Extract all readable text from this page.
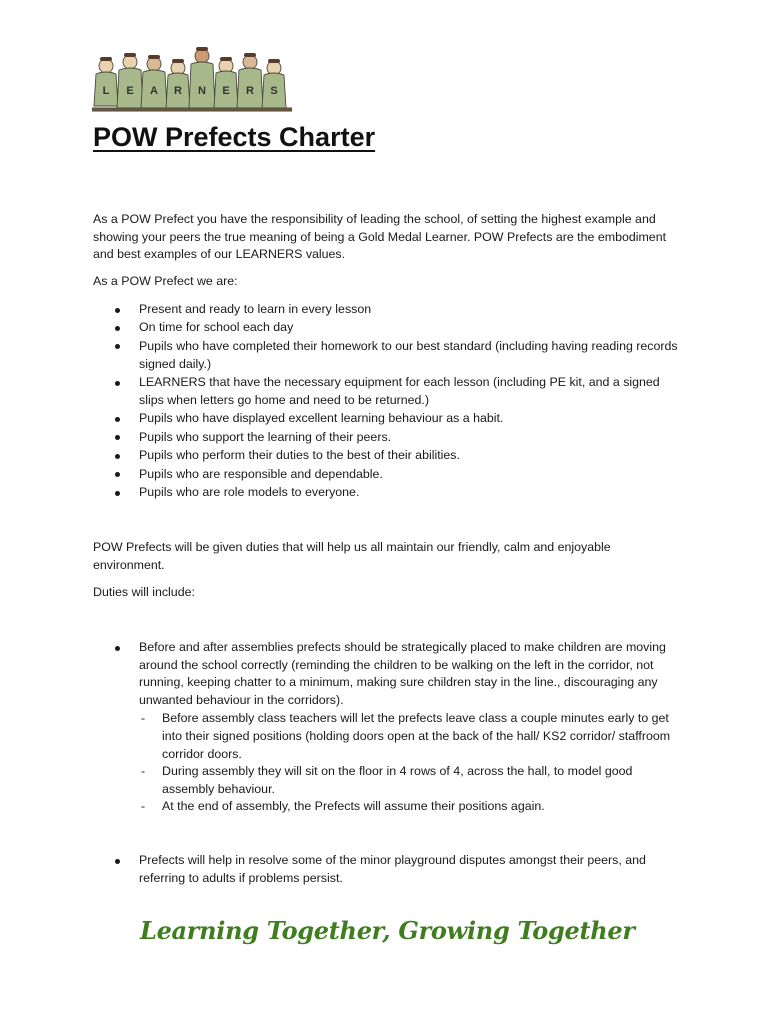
L E A R N E R S
POW Prefects Charter

As a POW Prefect you have the responsibility of leading the school, of setting the highest example and showing your peers the true meaning of being a Gold Medal Learner. POW Prefects are the embodiment and best examples of our LEARNERS values.

As a POW Prefect we are:

Present and ready to learn in every lesson
On time for school each day
Pupils who have completed their homework to our best standard (including having reading records signed daily.)
LEARNERS that have the necessary equipment for each lesson (including PE kit, and a signed slips when letters go home and need to be returned.)
Pupils who have displayed excellent learning behaviour as a habit.
Pupils who support the learning of their peers.
Pupils who perform their duties to the best of their abilities.
Pupils who are responsible and dependable.
Pupils who are role models to everyone.

POW Prefects will be given duties that will help us all maintain our friendly, calm and enjoyable environment.

Duties will include:

Before and after assemblies prefects should be strategically placed to make children are moving around the school correctly (reminding the children to be walking on the left in the corridor, not running, keeping chatter to a minimum, making sure children stay in the line., discouraging any unwanted behaviour in the corridors).
- Before assembly class teachers will let the prefects leave class a couple minutes early to get into their signed positions (holding doors open at the back of the hall/ KS2 corridor/ staffroom corridor doors.
- During assembly they will sit on the floor in 4 rows of 4, across the hall, to model good assembly behaviour.
- At the end of assembly, the Prefects will assume their positions again.
Prefects will help in resolve some of the minor playground disputes amongst their peers, and referring to adults if problems persist.
Learning Together, Growing Together
